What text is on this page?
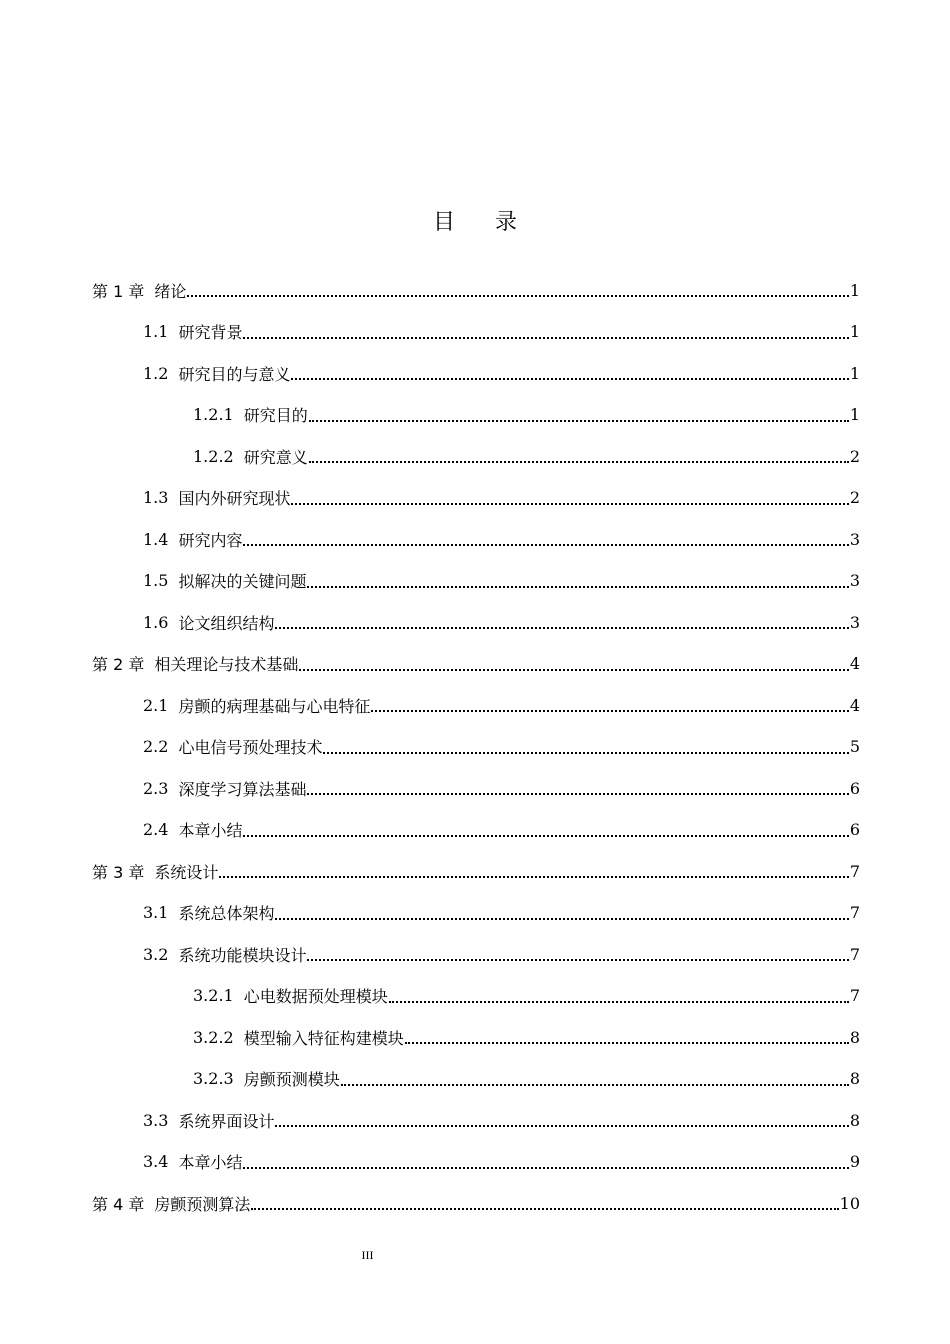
目录
第 1 章 绪论	1
1.1 研究背景	1
1.2 研究目的与意义	1
1.2.1 研究目的	1
1.2.2 研究意义	2
1.3 国内外研究现状	2
1.4 研究内容	3
1.5 拟解决的关键问题	3
1.6 论文组织结构	3
第 2 章 相关理论与技术基础	4
2.1 房颤的病理基础与心电特征	4
2.2 心电信号预处理技术	5
2.3 深度学习算法基础	6
2.4 本章小结	6
第 3 章 系统设计	7
3.1 系统总体架构	7
3.2 系统功能模块设计	7
3.2.1 心电数据预处理模块	7
3.2.2 模型输入特征构建模块	8
3.2.3 房颤预测模块	8
3.3 系统界面设计	8
3.4 本章小结	9
第 4 章 房颤预测算法	10
III
